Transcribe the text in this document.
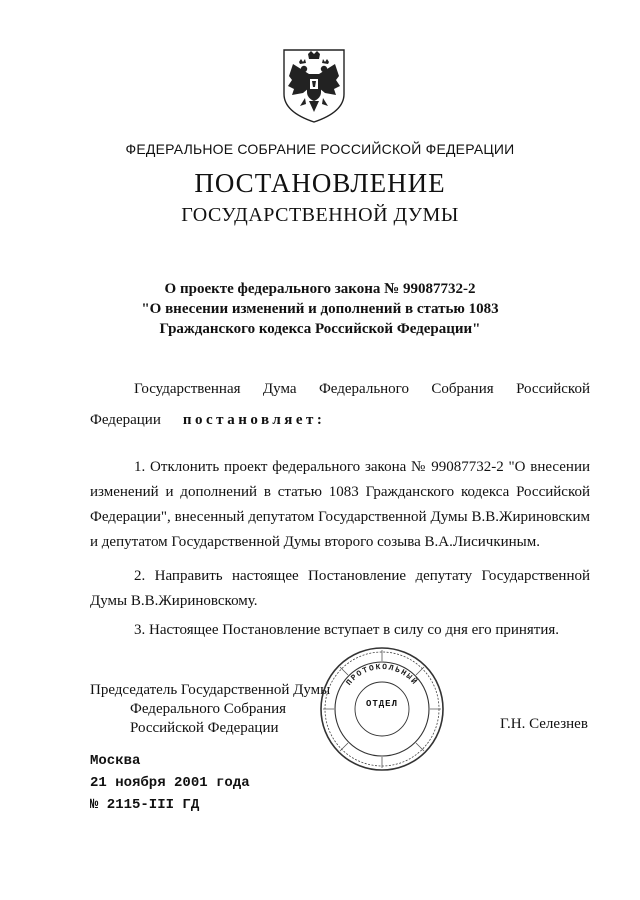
ФЕДЕРАЛЬНОЕ СОБРАНИЕ РОССИЙСКОЙ ФЕДЕРАЦИИ
ПОСТАНОВЛЕНИЕ
ГОСУДАРСТВЕННОЙ ДУМЫ
О проекте федерального закона № 99087732-2
"О внесении изменений и дополнений в статью 1083
Гражданского кодекса Российской Федерации"
Государственная Дума Федерального Собрания Российской
Федерации постановляет:
1. Отклонить проект федерального закона № 99087732-2 "О внесении изменений и дополнений в статью 1083 Гражданского кодекса Российской Федерации", внесенный депутатом Государственной Думы В.В.Жириновским и депутатом Государственной Думы второго созыва В.А.Лисичкиным.
2. Направить настоящее Постановление депутату Государственной Думы В.В.Жириновскому.
3. Настоящее Постановление вступает в силу со дня его принятия.
Председатель Государственной Думы
Федерального Собрания
Российской Федерации
ПРОТОКОЛЬНЫЙ
ОТДЕЛ
Г.Н. Селезнев
Москва
21 ноября 2001 года
№ 2115-III ГД
